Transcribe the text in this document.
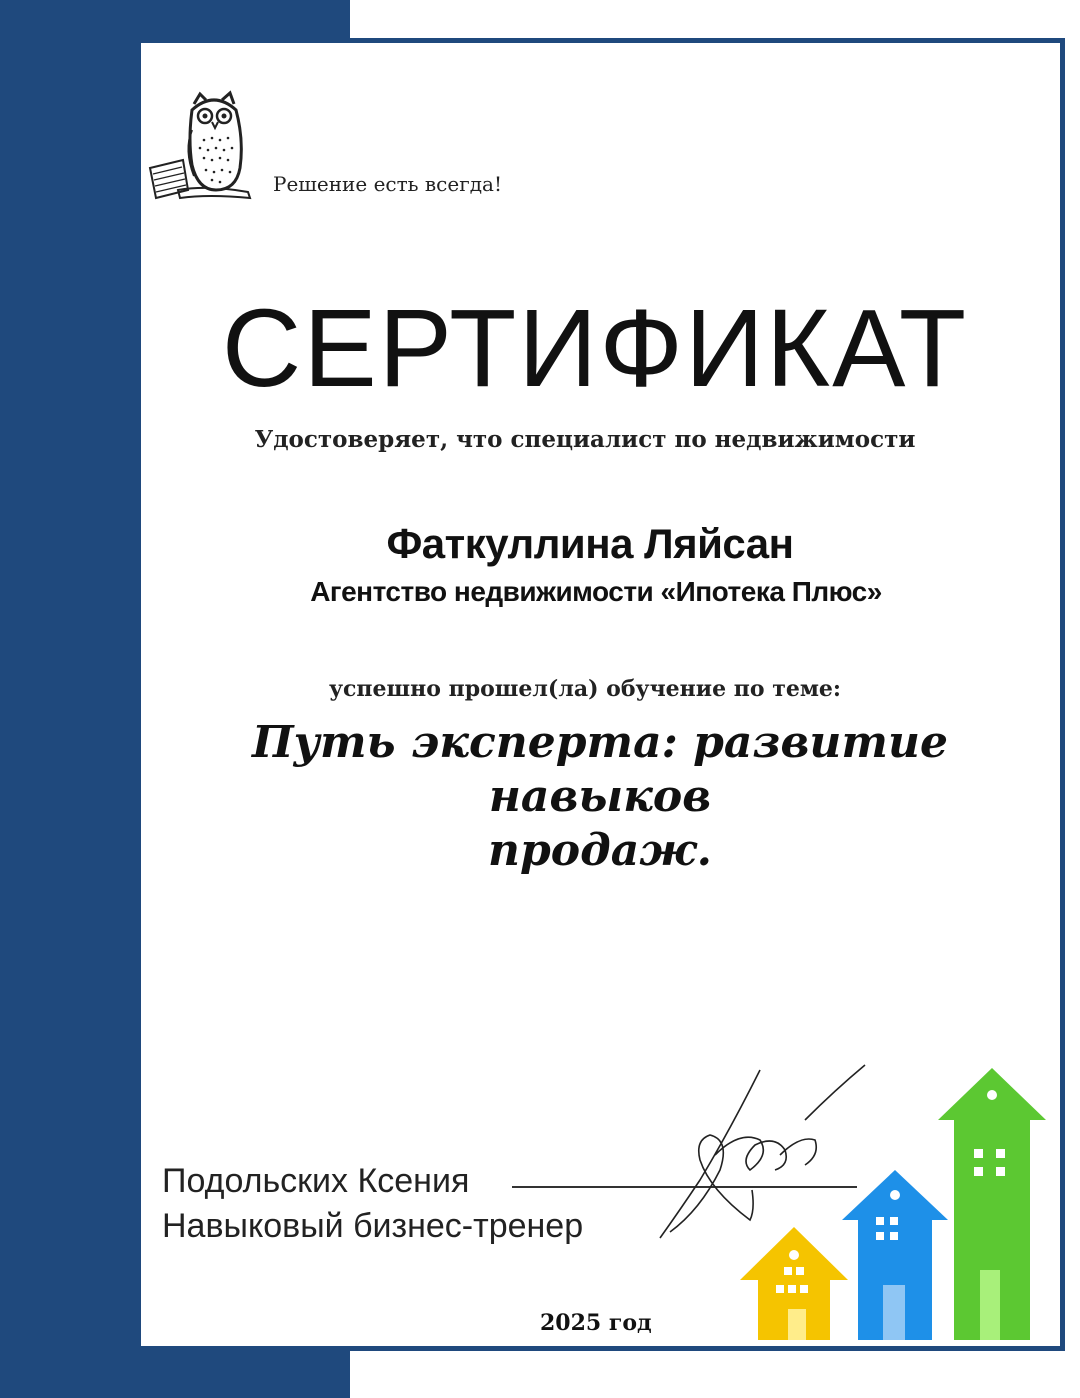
Решение есть всегда!
СЕРТИФИКАТ
Удостоверяет, что специалист по недвижимости
Фаткуллина Ляйсан
Агентство недвижимости «Ипотека Плюс»
успешно прошел(ла) обучение по теме:
Путь эксперта: развитие навыков
продаж.
Подольских Ксения
Навыковый бизнес-тренер
2025 год
